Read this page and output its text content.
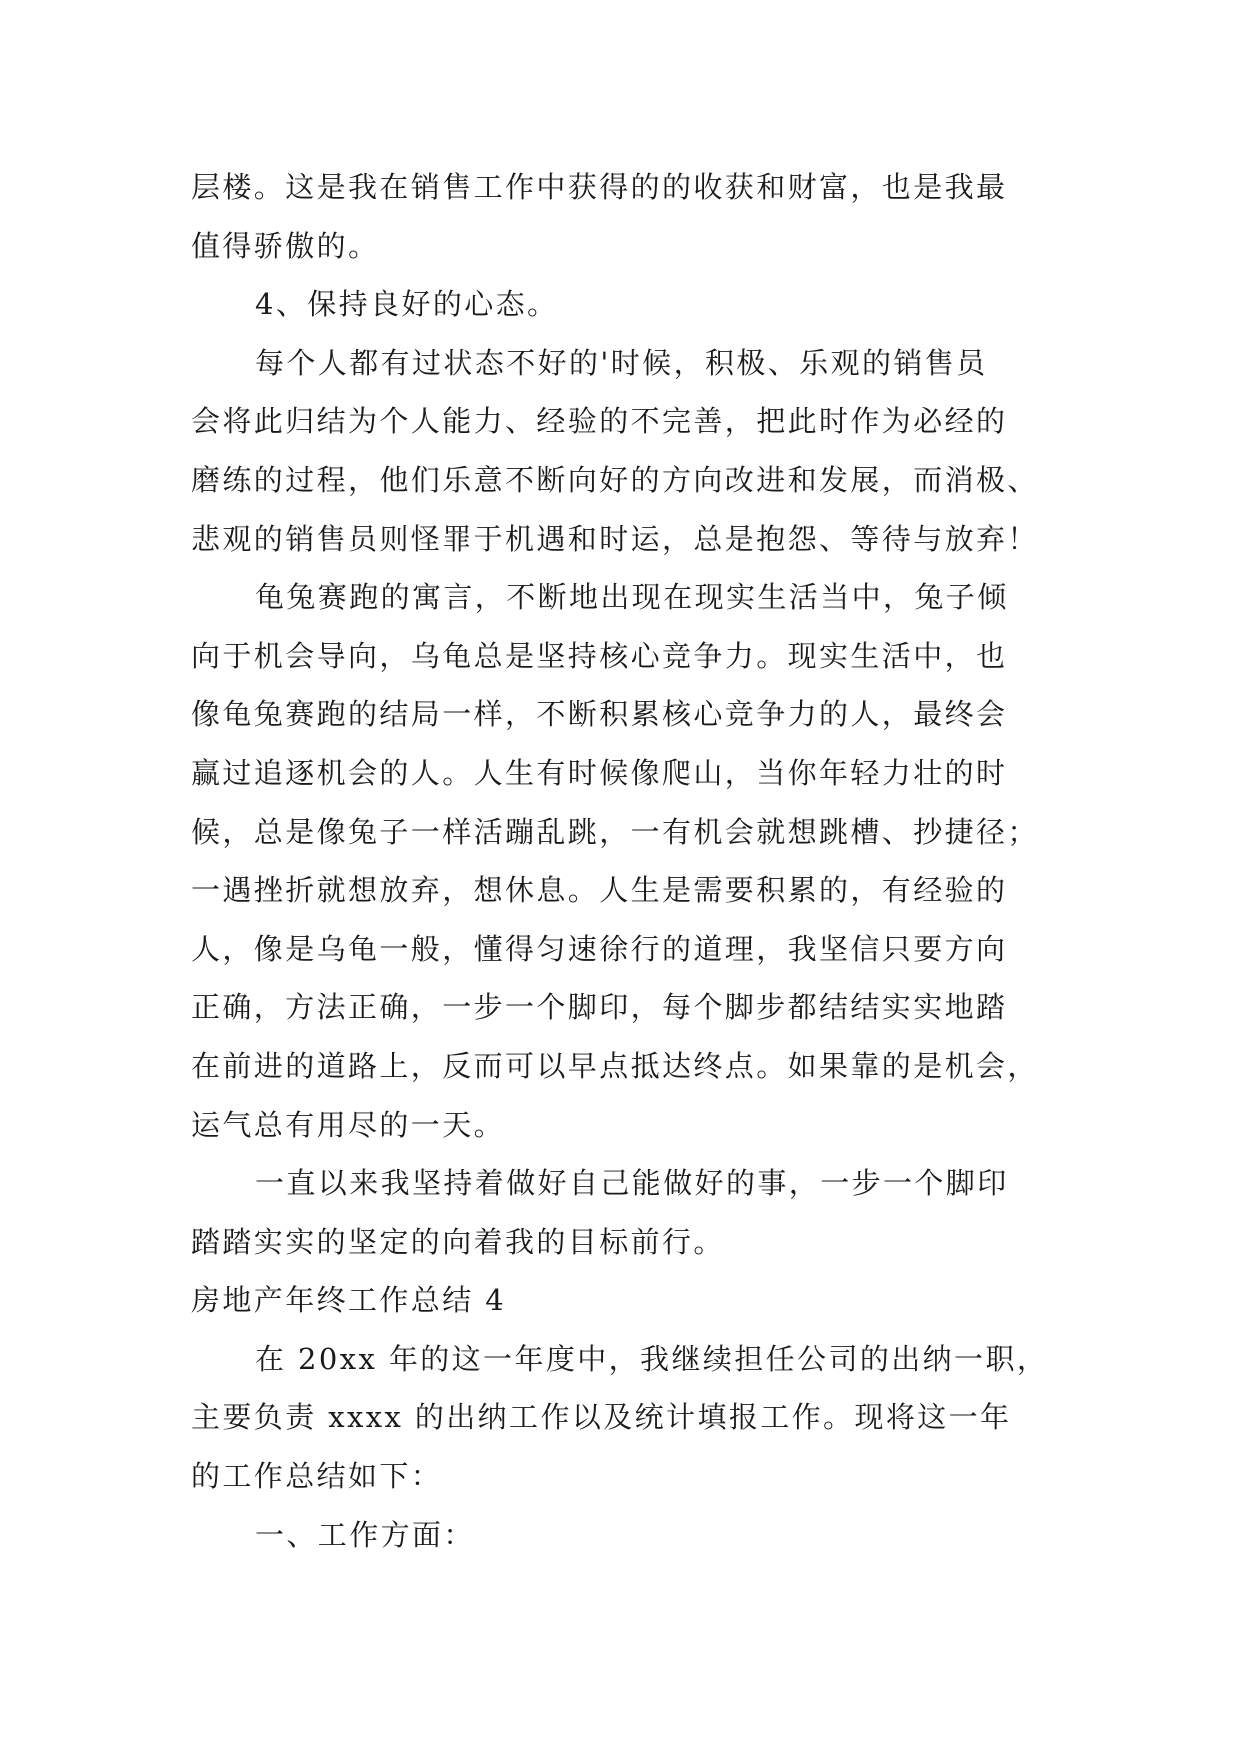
层楼。这是我在销售工作中获得的的收获和财富，也是我最
值得骄傲的。
4、保持良好的心态。
每个人都有过状态不好的'时候，积极、乐观的销售员
会将此归结为个人能力、经验的不完善，把此时作为必经的
磨练的过程，他们乐意不断向好的方向改进和发展，而消极、
悲观的销售员则怪罪于机遇和时运，总是抱怨、等待与放弃！
龟兔赛跑的寓言，不断地出现在现实生活当中，兔子倾
向于机会导向，乌龟总是坚持核心竞争力。现实生活中，也
像龟兔赛跑的结局一样，不断积累核心竞争力的人，最终会
赢过追逐机会的人。人生有时候像爬山，当你年轻力壮的时
候，总是像兔子一样活蹦乱跳，一有机会就想跳槽、抄捷径；
一遇挫折就想放弃，想休息。人生是需要积累的，有经验的
人，像是乌龟一般，懂得匀速徐行的道理，我坚信只要方向
正确，方法正确，一步一个脚印，每个脚步都结结实实地踏
在前进的道路上，反而可以早点抵达终点。如果靠的是机会，
运气总有用尽的一天。
一直以来我坚持着做好自己能做好的事，一步一个脚印
踏踏实实的坚定的向着我的目标前行。
房地产年终工作总结 4
在 20xx 年的这一年度中，我继续担任公司的出纳一职，
主要负责 xxxx 的出纳工作以及统计填报工作。现将这一年
的工作总结如下：
一、工作方面：
